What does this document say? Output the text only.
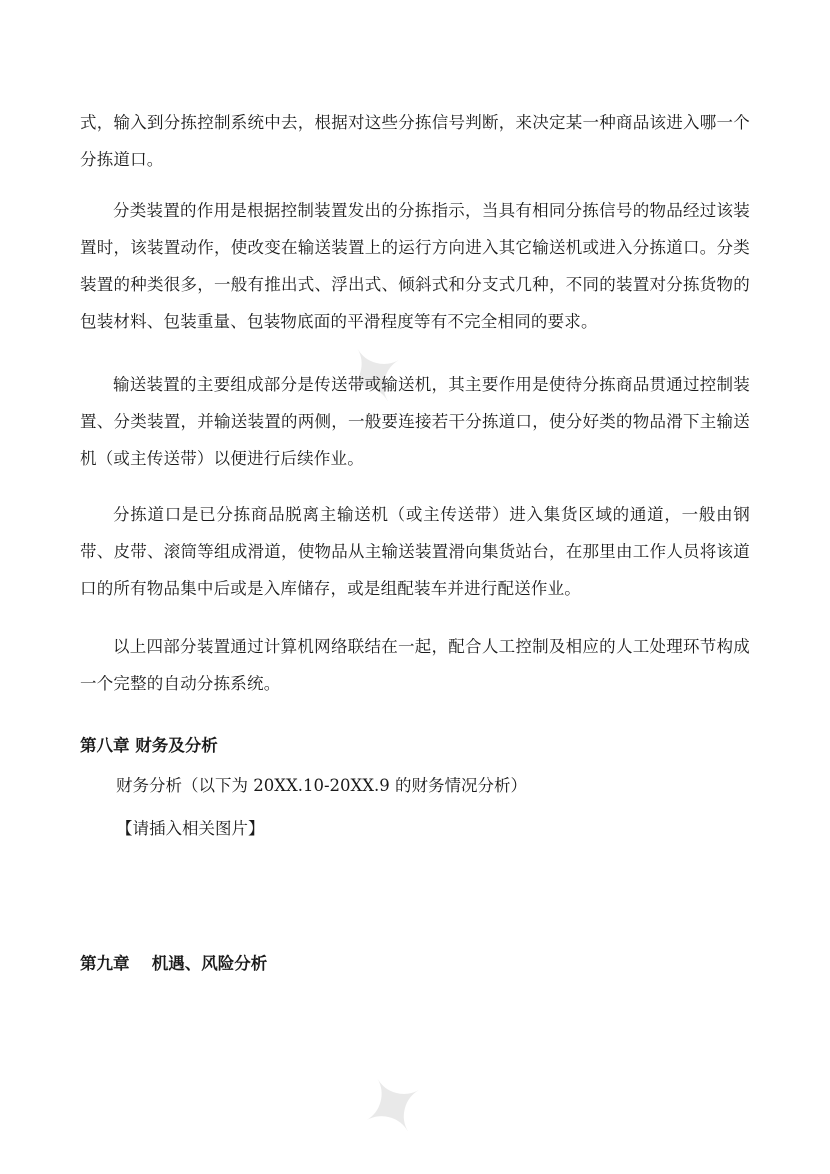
✦
✦
式，输入到分拣控制系统中去，根据对这些分拣信号判断，来决定某一种商品该进入哪一个分拣道口。
分类装置的作用是根据控制装置发出的分拣指示，当具有相同分拣信号的物品经过该装置时，该装置动作，使改变在输送装置上的运行方向进入其它输送机或进入分拣道口。分类装置的种类很多，一般有推出式、浮出式、倾斜式和分支式几种，不同的装置对分拣货物的包装材料、包装重量、包装物底面的平滑程度等有不完全相同的要求。
输送装置的主要组成部分是传送带或输送机，其主要作用是使待分拣商品贯通过控制装置、分类装置，并输送装置的两侧，一般要连接若干分拣道口，使分好类的物品滑下主输送机（或主传送带）以便进行后续作业。
分拣道口是已分拣商品脱离主输送机（或主传送带）进入集货区域的通道，一般由钢带、皮带、滚筒等组成滑道，使物品从主输送装置滑向集货站台，在那里由工作人员将该道口的所有物品集中后或是入库储存，或是组配装车并进行配送作业。
以上四部分装置通过计算机网络联结在一起，配合人工控制及相应的人工处理环节构成一个完整的自动分拣系统。
第八章 财务及分析
财务分析（以下为 20XX.10-20XX.9 的财务情况分析）
【请插入相关图片】
第九章　 机遇、风险分析
